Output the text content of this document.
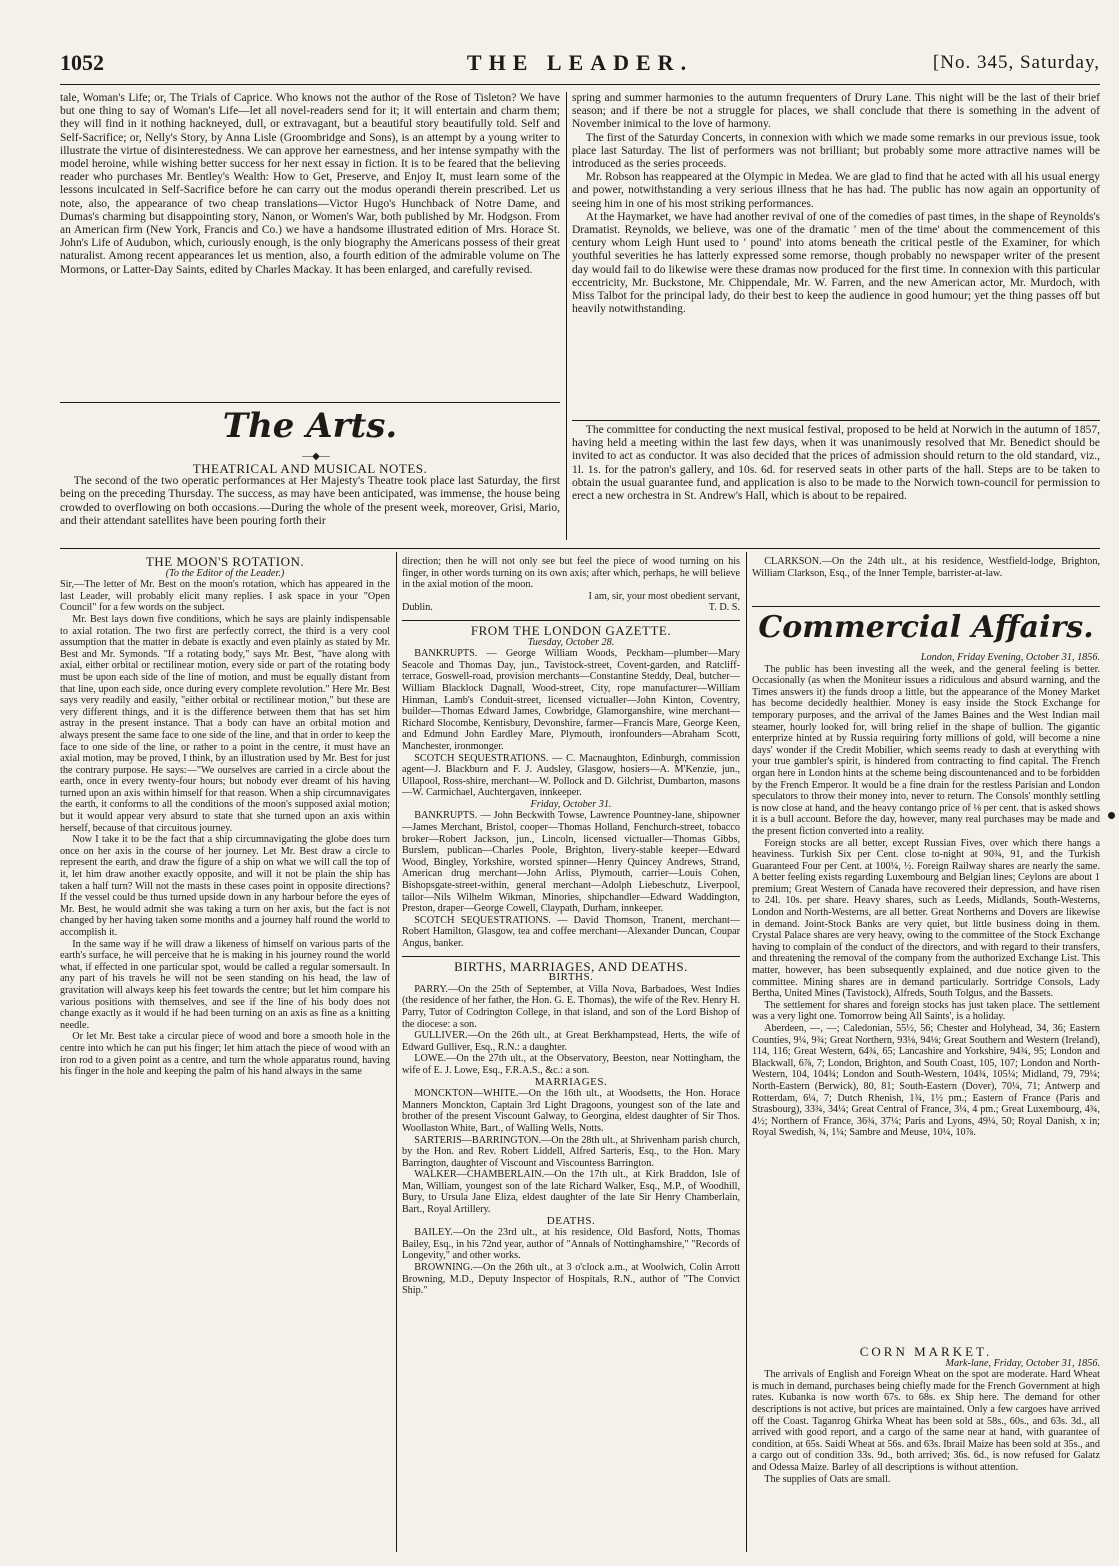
1052	THE LEADER.	[No. 345, Saturday,

tale, Woman's Life; or, The Trials of Caprice. Who knows not the author of the Rose of Tisleton? We have but one thing to say of Woman's Life—let all novel-readers send for it; it will entertain and charm them; they will find in it nothing hackneyed, dull, or extravagant, but a beautiful story beautifully told. Self and Self-Sacrifice; or, Nelly's Story, by Anna Lisle (Groombridge and Sons), is an attempt by a young writer to illustrate the virtue of disinterestedness. We can approve her earnestness, and her intense sympathy with the model heroine, while wishing better success for her next essay in fiction. It is to be feared that the believing reader who purchases Mr. Bentley's Wealth: How to Get, Preserve, and Enjoy It, must learn some of the lessons inculcated in Self-Sacrifice before he can carry out the modus operandi therein prescribed. Let us note, also, the appearance of two cheap translations—Victor Hugo's Hunchback of Notre Dame, and Dumas's charming but disappointing story, Nanon, or Women's War, both published by Mr. Hodgson. From an American firm (New York, Francis and Co.) we have a handsome illustrated edition of Mrs. Horace St. John's Life of Audubon, which, curiously enough, is the only biography the Americans possess of their great naturalist. Among recent appearances let us mention, also, a fourth edition of the admirable volume on The Mormons, or Latter-Day Saints, edited by Charles Mackay. It has been enlarged, and carefully revised.

spring and summer harmonies to the autumn frequenters of Drury Lane. This night will be the last of their brief season; and if there be not a struggle for places, we shall conclude that there is something in the advent of November inimical to the love of harmony.

The first of the Saturday Concerts, in connexion with which we made some remarks in our previous issue, took place last Saturday. The list of performers was not brilliant; but probably some more attractive names will be introduced as the series proceeds.

Mr. Robson has reappeared at the Olympic in Medea. We are glad to find that he acted with all his usual energy and power, notwithstanding a very serious illness that he has had. The public has now again an opportunity of seeing him in one of his most striking performances.

At the Haymarket, we have had another revival of one of the comedies of past times, in the shape of Reynolds's Dramatist. Reynolds, we believe, was one of the dramatic ' men of the time' about the commencement of this century whom Leigh Hunt used to ' pound' into atoms beneath the critical pestle of the Examiner, for which youthful severities he has latterly expressed some remorse, though probably no newspaper writer of the present day would fail to do likewise were these dramas now produced for the first time. In connexion with this particular eccentricity, Mr. Buckstone, Mr. Chippendale, Mr. W. Farren, and the new American actor, Mr. Murdoch, with Miss Talbot for the principal lady, do their best to keep the audience in good humour; yet the thing passes off but heavily notwithstanding.

The Arts.

—◆—

THEATRICAL AND MUSICAL NOTES.

The second of the two operatic performances at Her Majesty's Theatre took place last Saturday, the first being on the preceding Thursday. The success, as may have been anticipated, was immense, the house being crowded to overflowing on both occasions.—During the whole of the present week, moreover, Grisi, Mario, and their attendant satellites have been pouring forth their

The committee for conducting the next musical festival, proposed to be held at Norwich in the autumn of 1857, having held a meeting within the last few days, when it was unanimously resolved that Mr. Benedict should be invited to act as conductor. It was also decided that the prices of admission should return to the old standard, viz., 1l. 1s. for the patron's gallery, and 10s. 6d. for reserved seats in other parts of the hall. Steps are to be taken to obtain the usual guarantee fund, and application is also to be made to the Norwich town-council for permission to erect a new orchestra in St. Andrew's Hall, which is about to be repaired.

THE MOON'S ROTATION.

(To the Editor of the Leader.)

Sir,—The letter of Mr. Best on the moon's rotation, which has appeared in the last Leader, will probably elicit many replies. I ask space in your "Open Council" for a few words on the subject.

Mr. Best lays down five conditions, which he says are plainly indispensable to axial rotation. The two first are perfectly correct, the third is a very cool assumption that the matter in debate is exactly and even plainly as stated by Mr. Best and Mr. Symonds. "If a rotating body," says Mr. Best, "have along with axial, either orbital or rectilinear motion, every side or part of the rotating body must be upon each side of the line of motion, and must be equally distant from that line, upon each side, once during every complete revolution." Here Mr. Best says very readily and easily, "either orbital or rectilinear motion," but these are very different things, and it is the difference between them that has set him astray in the present instance. That a body can have an orbital motion and always present the same face to one side of the line, and that in order to keep the face to one side of the line, or rather to a point in the centre, it must have an axial motion, may be proved, I think, by an illustration used by Mr. Best for just the contrary purpose. He says:—"We ourselves are carried in a circle about the earth, once in every twenty-four hours; but nobody ever dreamt of his having turned upon an axis within himself for that reason. When a ship circumnavigates the earth, it conforms to all the conditions of the moon's supposed axial motion; but it would appear very absurd to state that she turned upon an axis within herself, because of that circuitous journey.

Now I take it to be the fact that a ship circumnavigating the globe does turn once on her axis in the course of her journey. Let Mr. Best draw a circle to represent the earth, and draw the figure of a ship on what we will call the top of it, let him draw another exactly opposite, and will it not be plain the ship has taken a half turn? Will not the masts in these cases point in opposite directions? If the vessel could be thus turned upside down in any harbour before the eyes of Mr. Best, he would admit she was taking a turn on her axis, but the fact is not changed by her having taken some months and a journey half round the world to accomplish it.

In the same way if he will draw a likeness of himself on various parts of the earth's surface, he will perceive that he is making in his journey round the world what, if effected in one particular spot, would be called a regular somersault. In any part of his travels he will not be seen standing on his head, the law of gravitation will always keep his feet towards the centre; but let him compare his various positions with themselves, and see if the line of his body does not change exactly as it would if he had been turning on an axis as fine as a knitting needle.

Or let Mr. Best take a circular piece of wood and bore a smooth hole in the centre into which he can put his finger; let him attach the piece of wood with an iron rod to a given point as a centre, and turn the whole apparatus round, having his finger in the hole and keeping the palm of his hand always in the same

direction; then he will not only see but feel the piece of wood turning on his finger, in other words turning on its own axis; after which, perhaps, he will believe in the axial motion of the moon.

I am, sir, your most obedient servant,

Dublin.	T. D. S.

FROM THE LONDON GAZETTE.

Tuesday, October 28.

BANKRUPTS. — George William Woods, Peckham—plumber—Mary Seacole and Thomas Day, jun., Tavistock-street, Covent-garden, and Ratcliff-terrace, Goswell-road, provision merchants—Constantine Steddy, Deal, butcher—William Blacklock Dagnall, Wood-street, City, rope manufacturer—William Hinman, Lamb's Conduit-street, licensed victualler—John Kinton, Coventry, builder—Thomas Edward James, Cowbridge, Glamorganshire, wine merchant—Richard Slocombe, Kentisbury, Devonshire, farmer—Francis Mare, George Keen, and Edmund John Eardley Mare, Plymouth, ironfounders—Abraham Scott, Manchester, ironmonger.

SCOTCH SEQUESTRATIONS. — C. Macnaughton, Edinburgh, commission agent—J. Blackburn and F. J. Audsley, Glasgow, hosiers—A. M'Kenzie, jun., Ullapool, Ross-shire, merchant—W. Pollock and D. Gilchrist, Dumbarton, masons—W. Carmichael, Auchtergaven, innkeeper.

Friday, October 31.

BANKRUPTS. — John Beckwith Towse, Lawrence Pountney-lane, shipowner—James Merchant, Bristol, cooper—Thomas Holland, Fenchurch-street, tobacco broker—Robert Jackson, jun., Lincoln, licensed victualler—Thomas Gibbs, Burslem, publican—Charles Poole, Brighton, livery-stable keeper—Edward Wood, Bingley, Yorkshire, worsted spinner—Henry Quincey Andrews, Strand, American drug merchant—John Arliss, Plymouth, carrier—Louis Cohen, Bishopsgate-street-within, general merchant—Adolph Liebeschutz, Liverpool, tailor—Nils Wilhelm Wikman, Minories, shipchandler—Edward Waddington, Preston, draper—George Cowell, Claypath, Durham, innkeeper.

SCOTCH SEQUESTRATIONS. — David Thomson, Tranent, merchant—Robert Hamilton, Glasgow, tea and coffee merchant—Alexander Duncan, Coupar Angus, banker.

BIRTHS, MARRIAGES, AND DEATHS.

BIRTHS.

PARRY.—On the 25th of September, at Villa Nova, Barbadoes, West Indies (the residence of her father, the Hon. G. E. Thomas), the wife of the Rev. Henry H. Parry, Tutor of Codrington College, in that island, and son of the Lord Bishop of the diocese: a son.

GULLIVER.—On the 26th ult., at Great Berkhampstead, Herts, the wife of Edward Gulliver, Esq., R.N.: a daughter.

LOWE.—On the 27th ult., at the Observatory, Beeston, near Nottingham, the wife of E. J. Lowe, Esq., F.R.A.S., &c.: a son.

MARRIAGES.

MONCKTON—WHITE.—On the 16th ult., at Woodsetts, the Hon. Horace Manners Monckton, Captain 3rd Light Dragoons, youngest son of the late and brother of the present Viscount Galway, to Georgina, eldest daughter of Sir Thos. Woollaston White, Bart., of Walling Wells, Notts.

SARTERIS—BARRINGTON.—On the 28th ult., at Shrivenham parish church, by the Hon. and Rev. Robert Liddell, Alfred Sarteris, Esq., to the Hon. Mary Barrington, daughter of Viscount and Viscountess Barrington.

WALKER—CHAMBERLAIN.—On the 17th ult., at Kirk Braddon, Isle of Man, William, youngest son of the late Richard Walker, Esq., M.P., of Woodhill, Bury, to Ursula Jane Eliza, eldest daughter of the late Sir Henry Chamberlain, Bart., Royal Artillery.

DEATHS.

BAILEY.—On the 23rd ult., at his residence, Old Basford, Notts, Thomas Bailey, Esq., in his 72nd year, author of "Annals of Nottinghamshire," "Records of Longevity," and other works.

BROWNING.—On the 26th ult., at 3 o'clock a.m., at Woolwich, Colin Arrott Browning, M.D., Deputy Inspector of Hospitals, R.N., author of "The Convict Ship."

CLARKSON.—On the 24th ult., at his residence, Westfield-lodge, Brighton, William Clarkson, Esq., of the Inner Temple, barrister-at-law.

Commercial Affairs.

London, Friday Evening, October 31, 1856.

The public has been investing all the week, and the general feeling is better. Occasionally (as when the Moniteur issues a ridiculous and absurd warning, and the Times answers it) the funds droop a little, but the appearance of the Money Market has become decidedly healthier. Money is easy inside the Stock Exchange for temporary purposes, and the arrival of the James Baines and the West Indian mail steamer, hourly looked for, will bring relief in the shape of bullion. The gigantic enterprize hinted at by Russia requiring forty millions of gold, will become a nine days' wonder if the Credit Mobilier, which seems ready to dash at everything with your true gambler's spirit, is hindered from contracting to find capital. The French organ here in London hints at the scheme being discountenanced and to be forbidden by the French Emperor. It would be a fine drain for the restless Parisian and London speculators to throw their money into, never to return. The Consols' monthly settling is now close at hand, and the heavy contango price of ⅛ per cent. that is asked shows it is a bull account. Before the day, however, many real purchases may be made and the present fiction converted into a reality.

Foreign stocks are all better, except Russian Fives, over which there hangs a heaviness. Turkish Six per Cent. close to-night at 90¾, 91, and the Turkish Guaranteed Four per Cent. at 100¼, ½. Foreign Railway shares are nearly the same. A better feeling exists regarding Luxembourg and Belgian lines; Ceylons are about 1 premium; Great Western of Canada have recovered their depression, and have risen to 24l. 10s. per share. Heavy shares, such as Leeds, Midlands, South-Westerns, London and North-Westerns, are all better. Great Northerns and Dovers are likewise in demand. Joint-Stock Banks are very quiet, but little business doing in them. Crystal Palace shares are very heavy, owing to the committee of the Stock Exchange having to complain of the conduct of the directors, and with regard to their transfers, and threatening the removal of the company from the authorized Exchange List. This matter, however, has been subsequently explained, and due notice given to the committee. Mining shares are in demand particularly. Sortridge Consols, Lady Bertha, United Mines (Tavistock), Alfreds, South Tolgus, and the Bassets.

The settlement for shares and foreign stocks has just taken place. The settlement was a very light one. Tomorrow being All Saints', is a holiday.

Aberdeen, —, —; Caledonian, 55½, 56; Chester and Holyhead, 34, 36; Eastern Counties, 9¼, 9¾; Great Northern, 93⅛, 94⅛; Great Southern and Western (Ireland), 114, 116; Great Western, 64¾, 65; Lancashire and Yorkshire, 94¾, 95; London and Blackwall, 6⅞, 7; London, Brighton, and South Coast, 105, 107; London and North-Western, 104, 104¾; London and South-Western, 104¾, 105¼; Midland, 79, 79¼; North-Eastern (Berwick), 80, 81; South-Eastern (Dover), 70¼, 71; Antwerp and Rotterdam, 6¼, 7; Dutch Rhenish, 1¾, 1½ pm.; Eastern of France (Paris and Strasbourg), 33¾, 34¼; Great Central of France, 3¼, 4 pm.; Great Luxembourg, 4¾, 4½; Northern of France, 36¾, 37¼; Paris and Lyons, 49¼, 50; Royal Danish, x in; Royal Swedish, ¾, 1¼; Sambre and Meuse, 10¼, 10⅞.

CORN MARKET.

Mark-lane, Friday, October 31, 1856.

The arrivals of English and Foreign Wheat on the spot are moderate. Hard Wheat is much in demand, purchases being chiefly made for the French Government at high rates. Kubanka is now worth 67s. to 68s. ex Ship here. The demand for other descriptions is not active, but prices are maintained. Only a few cargoes have arrived off the Coast. Taganrog Ghirka Wheat has been sold at 58s., 60s., and 63s. 3d., all arrived with good report, and a cargo of the same near at hand, with guarantee of condition, at 65s. Saidi Wheat at 56s. and 63s. Ibrail Maize has been sold at 35s., and a cargo out of condition 33s. 9d., both arrived; 36s. 6d., is now refused for Galatz and Odessa Maize. Barley of all descriptions is without attention.

The supplies of Oats are small.
